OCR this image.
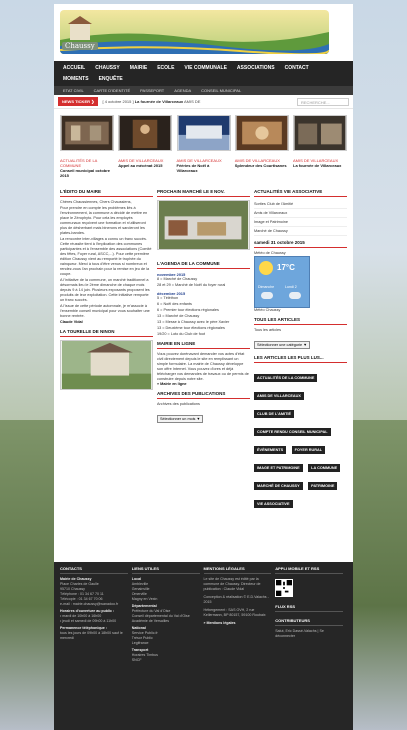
Chaussy
ACCUEIL	CHAUSSY	MAIRIE	ECOLE	VIE COMMUNALE	ASSOCIATIONS	CONTACT
MOMENTS	ENQUÊTE
ETAT CIVIL	CARTE D'IDENTITÉ	PASSEPORT	AGENDA	CONSEIL MUNICIPAL
NEWS TICKER ❯	[ 4 octobre 2015 ] La fournée de Villarceaux AMIS DE	RECHERCHE...
ACTUALITÉS DE LA COMMUNE
Conseil municipal octobre 2015
AMIS DE VILLARCEAUX
Appel au mécénat 2015
AMIS DE VILLARCEAUX
Fééries de Noël à Villarceaux
AMIS DE VILLARCEAUX
Splendeur des Courtisanes
AMIS DE VILLARCEAUX
La fournée de Villarceaux
L'ÉDITO DU MAIRE

Chères Chaussiennes, Chers Chaussiens,

Pour prendre en compte les problèmes liés à l'environnement, la commune a décidé de mettre en place le Zérophyto. Pour cela les employés communaux reçoivent une formation et n'utiliseront plus de désherbant mais binerons et sarcleront les plates-bandes.

La rencontre inter-villages a connu un franc succès. Cette réussite tient à l'implication des communes participantes et à l'ensemble des associations (Comité des fêtes, Foyer rural, ASCC,...). Pour cette première édition Chaussy vient au remporté le trophée du vainqueur. Merci à tous d'être venus si nombreux et rendez-vous l'an prochain pour la remise en jeu de la coupe.

A l'initiative de la commune, un marché traditionnel a désormais lieu le 2ème dimanche de chaque mois depuis 9 à 14 juin. Plusieurs exposants proposent les produits de leur exploitation. Cette initiative remporte un franc succès.

A l'issue de cette période automnale, je m'associe à l'ensemble conseil municipal pour vous souhaiter une bonne rentrée.

Claude Vidal

LA TOURELLE DE NINON
PROCHAIN MARCHÉ LE 8 NOV.
L'AGENDA DE LA COMMUNE
novembre 2015

8 = Marché de Chaussy

28 et 29 = Marché de Noël du foyer rural

décembre 2015

5 = Téléthon

6 = Noël des enfants

6 = Premier tour élections régionales

13 = Marché de Chaussy

13 = Messe à Chaussy avec le père Xavier

13 = Deuxième tour élections régionales

19/20 = Loto du Club de foot

MAIRIE EN LIGNE
Vous pouvez dorénavant demander vos actes d'état civil directement depuis le site en remplissant un simple formulaire. La mairie de Chaussy développe son offre Internet. Vous pouvez d'ores et déjà télécharger vos demandes de travaux ou de permis de construire depuis notre site.
» Mairie en ligne
ARCHIVES DES PUBLICATIONS
Archives des publications
Sélectionner un mois ▼
ACTUALITÉS VIE ASSOCIATIVE
Sorties Club de l'Amitié
Amis de Villarceaux
Image et Patrimoine
Marché de Chaussy
samedi 31 octobre 2015
Météo de Chaussy
17°C
Dimanche	Lundi 2
Météo Chaussy
TOUS LES ARTICLES
Tous les articles
Sélectionner une catégorie ▼
LES ARTICLES LES PLUS LUS...
ACTUALITÉS DE LA COMMUNE AMIS DE VILLARCEAUX CLUB DE L'AMITIÉ COMPTE RENDU CONSEIL MUNICIPAL ÉVÈNEMENTS	FOYER RURAL IMAGE ET PATRIMOINE	LA COMMUNE MARCHÉ DE CHAUSSY	PATRIMOINE VIE ASSOCIATIVE
CONTACTS

Mairie de Chaussy

Place Charles de Gaulle

95710 Chaussy

Téléphone : 01 34 67 70 11

Télécopie : 01 34 67 70 06

e-mail : mairie.chaussy@wanadoo.fr

Horaires d'ouverture au public :

• mardi de 10h00 à 16h00

• jeudi et samedi de 09h00 à 11h00

Permanence téléphonique :

tous les jours de 09h00 à 18h00 sauf le mercredi

LIENS UTILES

Local

Ambleville

Genainville

Omerville

Magny en Vexin

Départemental

Préfecture du Val d'Oise

Conseil départemental du Val d'Oise

Académie de Versailles

National

Service Public.fr

Trésor Public

Legifrance

Transport

Horaires Timbus

SNCF

MENTIONS LÉGALES
Le site de Chaussy est édité par la commune de Chaussy. Directeur de publication : Claude Vidal
Conception & réalisation © E.D.Valachs - 2015
Hébergement : SAS OVH, 2 rue Kellermann, BP 80157, 59100 Roubaix
» Mentions légales
APPLI MOBILE ET RSS
FLUX RSS
CONTRIBUTEURS
Salut, Eric Dassé-Valachs | Se déconnecter
